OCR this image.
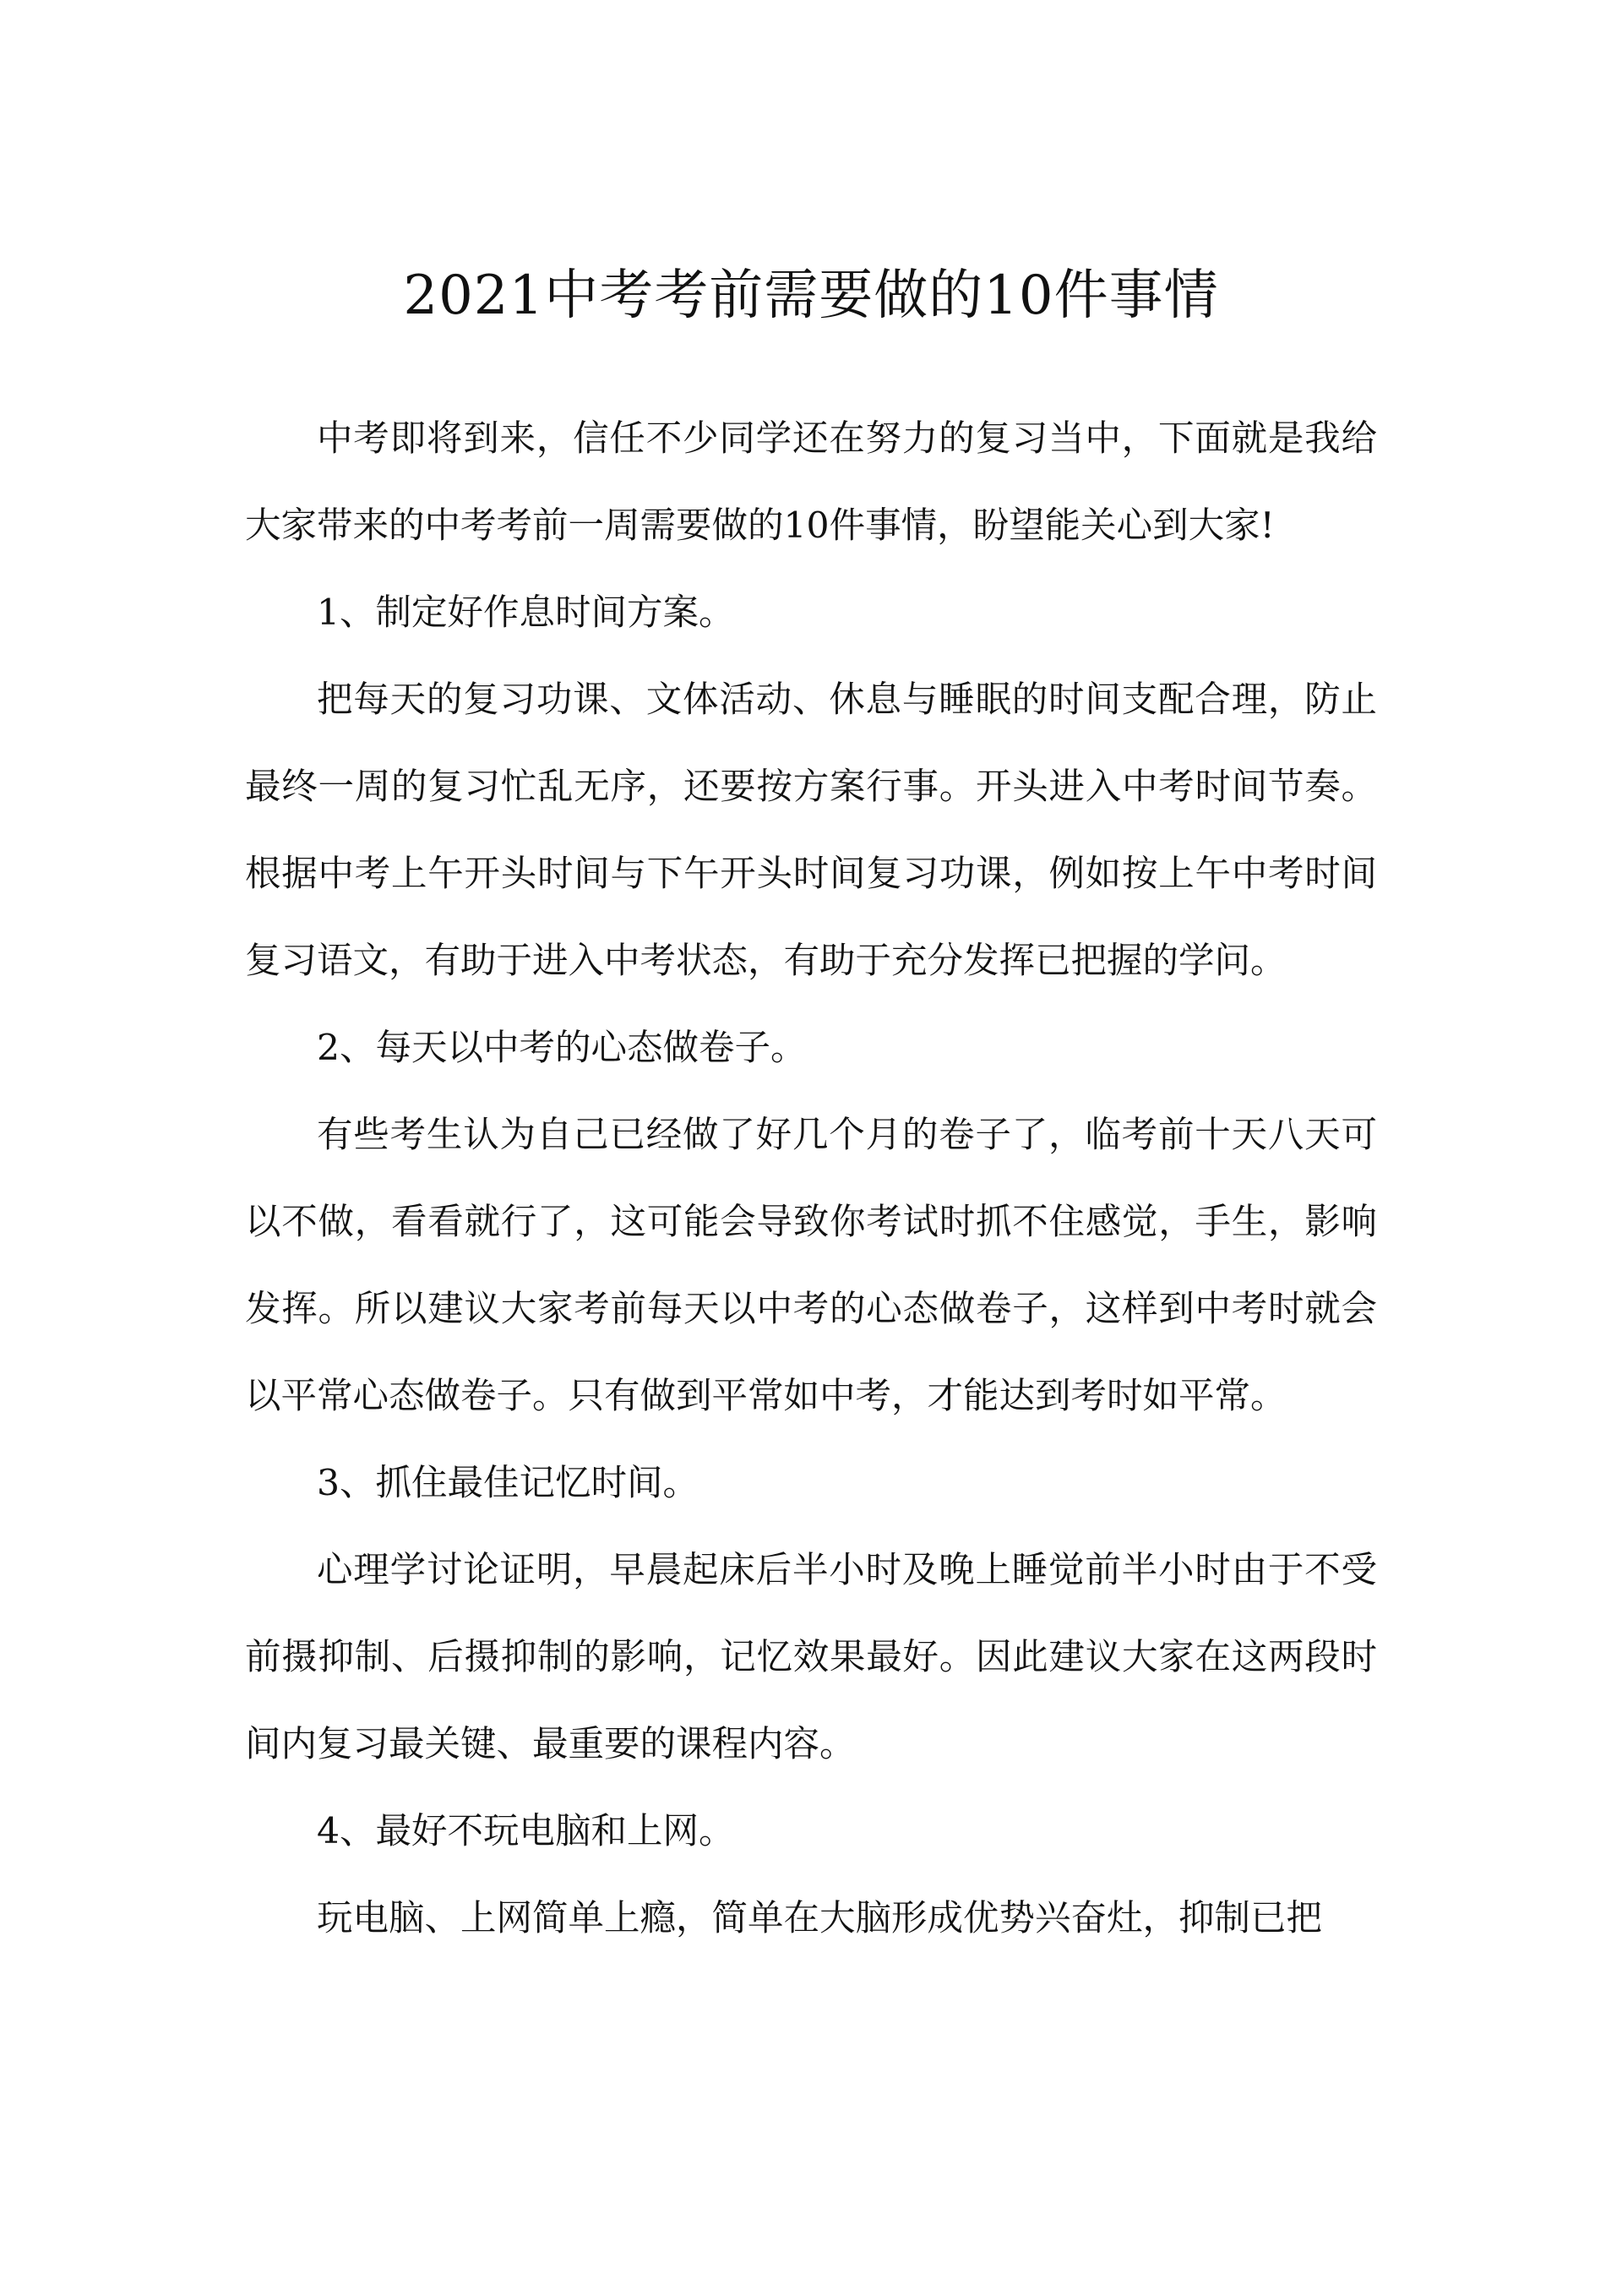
2021中考考前需要做的10件事情

中考即将到来，信任不少同学还在努力的复习当中，下面就是我给大家带来的中考考前一周需要做的10件事情，盼望能关心到大家!

1、制定好作息时间方案。

把每天的复习功课、文体活动、休息与睡眠的时间支配合理，防止最终一周的复习忙乱无序，还要按方案行事。开头进入中考时间节奏。根据中考上午开头时间与下午开头时间复习功课，例如按上午中考时间复习语文，有助于进入中考状态，有助于充分发挥已把握的学问。

2、每天以中考的心态做卷子。

有些考生认为自己已经做了好几个月的卷子了，临考前十天八天可以不做，看看就行了，这可能会导致你考试时抓不住感觉，手生，影响发挥。所以建议大家考前每天以中考的心态做卷子，这样到中考时就会以平常心态做卷子。只有做到平常如中考，才能达到考时如平常。

3、抓住最佳记忆时间。

心理学讨论证明，早晨起床后半小时及晚上睡觉前半小时由于不受前摄抑制、后摄抑制的影响，记忆效果最好。因此建议大家在这两段时间内复习最关键、最重要的课程内容。

4、最好不玩电脑和上网。

玩电脑、上网简单上瘾，简单在大脑形成优势兴奋灶，抑制已把
